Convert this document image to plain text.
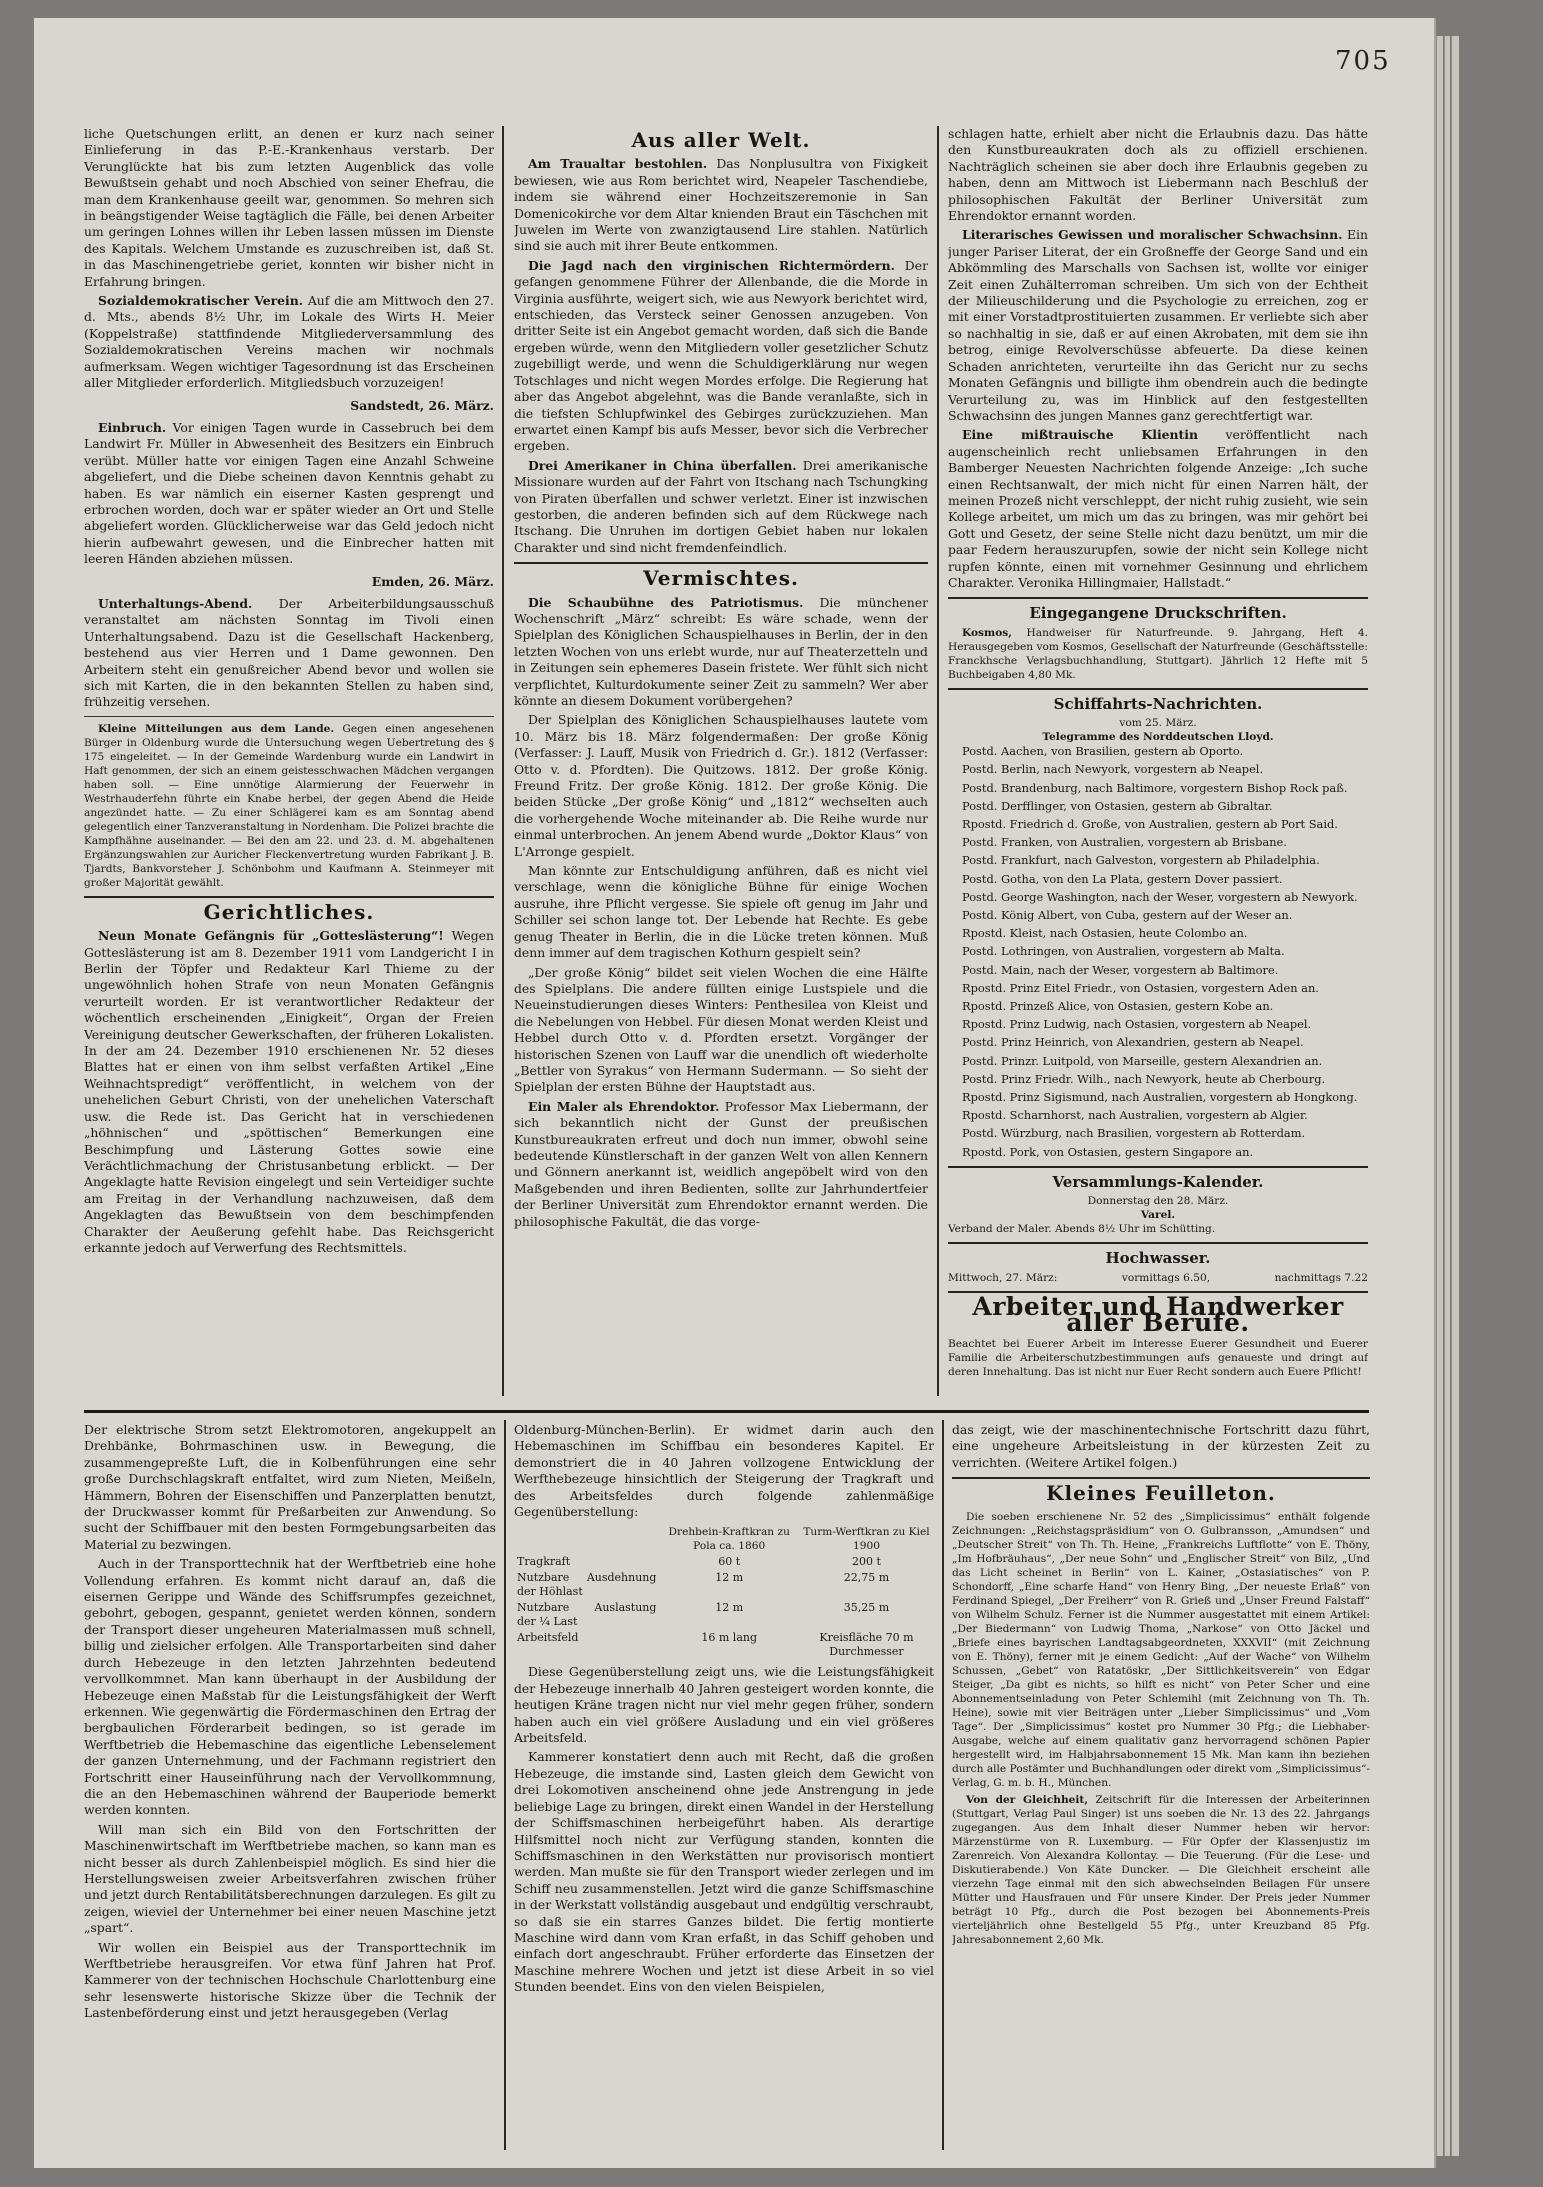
705

liche Quetschungen erlitt, an denen er kurz nach seiner Einlieferung in das P.-E.-Krankenhaus verstarb. Der Verunglückte hat bis zum letzten Augenblick das volle Bewußtsein gehabt und noch Abschied von seiner Ehefrau, die man dem Krankenhause geeilt war, genommen. So mehren sich in beängstigender Weise tagtäglich die Fälle, bei denen Arbeiter um geringen Lohnes willen ihr Leben lassen müssen im Dienste des Kapitals. Welchem Umstande es zuzuschreiben ist, daß St. in das Maschinengetriebe geriet, konnten wir bisher nicht in Erfahrung bringen.

Sozialdemokratischer Verein. Auf die am Mittwoch den 27. d. Mts., abends 8½ Uhr, im Lokale des Wirts H. Meier (Koppelstraße) stattfindende Mitgliederversammlung des Sozialdemokratischen Vereins machen wir nochmals aufmerksam. Wegen wichtiger Tagesordnung ist das Erscheinen aller Mitglieder erforderlich. Mitgliedsbuch vorzuzeigen!

Sandstedt, 26. März.

Einbruch. Vor einigen Tagen wurde in Cassebruch bei dem Landwirt Fr. Müller in Abwesenheit des Besitzers ein Einbruch verübt. Müller hatte vor einigen Tagen eine Anzahl Schweine abgeliefert, und die Diebe scheinen davon Kenntnis gehabt zu haben. Es war nämlich ein eiserner Kasten gesprengt und erbrochen worden, doch war er später wieder an Ort und Stelle abgeliefert worden. Glücklicherweise war das Geld jedoch nicht hierin aufbewahrt gewesen, und die Einbrecher hatten mit leeren Händen abziehen müssen.

Emden, 26. März.

Unterhaltungs-Abend. Der Arbeiterbildungsausschuß veranstaltet am nächsten Sonntag im Tivoli einen Unterhaltungsabend. Dazu ist die Gesellschaft Hackenberg, bestehend aus vier Herren und 1 Dame gewonnen. Den Arbeitern steht ein genußreicher Abend bevor und wollen sie sich mit Karten, die in den bekannten Stellen zu haben sind, frühzeitig versehen.

Kleine Mitteilungen aus dem Lande. Gegen einen angesehenen Bürger in Oldenburg wurde die Untersuchung wegen Uebertretung des § 175 eingeleitet. — In der Gemeinde Wardenburg wurde ein Landwirt in Haft genommen, der sich an einem geistesschwachen Mädchen vergangen haben soll. — Eine unnötige Alarmierung der Feuerwehr in Westrhauderfehn führte ein Knabe herbei, der gegen Abend die Heide angezündet hatte. — Zu einer Schlägerei kam es am Sonntag abend gelegentlich einer Tanzveranstaltung in Nordenham. Die Polizei brachte die Kampfhähne auseinander. — Bei den am 22. und 23. d. M. abgehaltenen Ergänzungswahlen zur Auricher Fleckenvertretung wurden Fabrikant J. B. Tjardts, Bankvorsteher J. Schönbohm und Kaufmann A. Steinmeyer mit großer Majorität gewählt.

Gerichtliches.

Neun Monate Gefängnis für „Gotteslästerung“! Wegen Gotteslästerung ist am 8. Dezember 1911 vom Landgericht I in Berlin der Töpfer und Redakteur Karl Thieme zu der ungewöhnlich hohen Strafe von neun Monaten Gefängnis verurteilt worden. Er ist verantwortlicher Redakteur der wöchentlich erscheinenden „Einigkeit“, Organ der Freien Vereinigung deutscher Gewerkschaften, der früheren Lokalisten. In der am 24. Dezember 1910 erschienenen Nr. 52 dieses Blattes hat er einen von ihm selbst verfaßten Artikel „Eine Weihnachtspredigt“ veröffentlicht, in welchem von der unehelichen Geburt Christi, von der unehelichen Vaterschaft usw. die Rede ist. Das Gericht hat in verschiedenen „höhnischen“ und „spöttischen“ Bemerkungen eine Beschimpfung und Lästerung Gottes sowie eine Verächtlichmachung der Christusanbetung erblickt. — Der Angeklagte hatte Revision eingelegt und sein Verteidiger suchte am Freitag in der Verhandlung nachzuweisen, daß dem Angeklagten das Bewußtsein von dem beschimpfenden Charakter der Aeußerung gefehlt habe. Das Reichsgericht erkannte jedoch auf Verwerfung des Rechtsmittels.

Aus aller Welt.

Am Traualtar bestohlen. Das Nonplusultra von Fixigkeit bewiesen, wie aus Rom berichtet wird, Neapeler Taschendiebe, indem sie während einer Hochzeitszeremonie in San Domenicokirche vor dem Altar knienden Braut ein Täschchen mit Juwelen im Werte von zwanzigtausend Lire stahlen. Natürlich sind sie auch mit ihrer Beute entkommen.

Die Jagd nach den virginischen Richtermördern. Der gefangen genommene Führer der Allenbande, die die Morde in Virginia ausführte, weigert sich, wie aus Newyork berichtet wird, entschieden, das Versteck seiner Genossen anzugeben. Von dritter Seite ist ein Angebot gemacht worden, daß sich die Bande ergeben würde, wenn den Mitgliedern voller gesetzlicher Schutz zugebilligt werde, und wenn die Schuldigerklärung nur wegen Totschlages und nicht wegen Mordes erfolge. Die Regierung hat aber das Angebot abgelehnt, was die Bande veranlaßte, sich in die tiefsten Schlupfwinkel des Gebirges zurückzuziehen. Man erwartet einen Kampf bis aufs Messer, bevor sich die Verbrecher ergeben.

Drei Amerikaner in China überfallen. Drei amerikanische Missionare wurden auf der Fahrt von Itschang nach Tschungking von Piraten überfallen und schwer verletzt. Einer ist inzwischen gestorben, die anderen befinden sich auf dem Rückwege nach Itschang. Die Unruhen im dortigen Gebiet haben nur lokalen Charakter und sind nicht fremdenfeindlich.

Vermischtes.

Die Schaubühne des Patriotismus. Die münchener Wochenschrift „März“ schreibt: Es wäre schade, wenn der Spielplan des Königlichen Schauspielhauses in Berlin, der in den letzten Wochen von uns erlebt wurde, nur auf Theaterzetteln und in Zeitungen sein ephemeres Dasein fristete. Wer fühlt sich nicht verpflichtet, Kulturdokumente seiner Zeit zu sammeln? Wer aber könnte an diesem Dokument vorübergehen?

Der Spielplan des Königlichen Schauspielhauses lautete vom 10. März bis 18. März folgendermaßen: Der große König (Verfasser: J. Lauff, Musik von Friedrich d. Gr.). 1812 (Verfasser: Otto v. d. Pfordten). Die Quitzows. 1812. Der große König. Freund Fritz. Der große König. 1812. Der große König. Die beiden Stücke „Der große König“ und „1812“ wechselten auch die vorhergehende Woche miteinander ab. Die Reihe wurde nur einmal unterbrochen. An jenem Abend wurde „Doktor Klaus“ von L'Arronge gespielt.

Man könnte zur Entschuldigung anführen, daß es nicht viel verschlage, wenn die königliche Bühne für einige Wochen ausruhe, ihre Pflicht vergesse. Sie spiele oft genug im Jahr und Schiller sei schon lange tot. Der Lebende hat Rechte. Es gebe genug Theater in Berlin, die in die Lücke treten können. Muß denn immer auf dem tragischen Kothurn gespielt sein?

„Der große König“ bildet seit vielen Wochen die eine Hälfte des Spielplans. Die andere füllten einige Lustspiele und die Neueinstudierungen dieses Winters: Penthesilea von Kleist und die Nebelungen von Hebbel. Für diesen Monat werden Kleist und Hebbel durch Otto v. d. Pfordten ersetzt. Vorgänger der historischen Szenen von Lauff war die unendlich oft wiederholte „Bettler von Syrakus“ von Hermann Sudermann. — So sieht der Spielplan der ersten Bühne der Hauptstadt aus.

Ein Maler als Ehrendoktor. Professor Max Liebermann, der sich bekanntlich nicht der Gunst der preußischen Kunstbureaukraten erfreut und doch nun immer, obwohl seine bedeutende Künstlerschaft in der ganzen Welt von allen Kennern und Gönnern anerkannt ist, weidlich angepöbelt wird von den Maßgebenden und ihren Bedienten, sollte zur Jahrhundertfeier der Berliner Universität zum Ehrendoktor ernannt werden. Die philosophische Fakultät, die das vorge-

schlagen hatte, erhielt aber nicht die Erlaubnis dazu. Das hätte den Kunstbureaukraten doch als zu offiziell erschienen. Nachträglich scheinen sie aber doch ihre Erlaubnis gegeben zu haben, denn am Mittwoch ist Liebermann nach Beschluß der philosophischen Fakultät der Berliner Universität zum Ehrendoktor ernannt worden.

Literarisches Gewissen und moralischer Schwachsinn. Ein junger Pariser Literat, der ein Großneffe der George Sand und ein Abkömmling des Marschalls von Sachsen ist, wollte vor einiger Zeit einen Zuhälterroman schreiben. Um sich von der Echtheit der Milieuschilderung und die Psychologie zu erreichen, zog er mit einer Vorstadtprostituierten zusammen. Er verliebte sich aber so nachhaltig in sie, daß er auf einen Akrobaten, mit dem sie ihn betrog, einige Revolverschüsse abfeuerte. Da diese keinen Schaden anrichteten, verurteilte ihn das Gericht nur zu sechs Monaten Gefängnis und billigte ihm obendrein auch die bedingte Verurteilung zu, was im Hinblick auf den festgestellten Schwachsinn des jungen Mannes ganz gerechtfertigt war.

Eine mißtrauische Klientin veröffentlicht nach augenscheinlich recht unliebsamen Erfahrungen in den Bamberger Neuesten Nachrichten folgende Anzeige: „Ich suche einen Rechtsanwalt, der mich nicht für einen Narren hält, der meinen Prozeß nicht verschleppt, der nicht ruhig zusieht, wie sein Kollege arbeitet, um mich um das zu bringen, was mir gehört bei Gott und Gesetz, der seine Stelle nicht dazu benützt, um mir die paar Federn herauszurupfen, sowie der nicht sein Kollege nicht rupfen könnte, einen mit vornehmer Gesinnung und ehrlichem Charakter. Veronika Hillingmaier, Hallstadt.“

Eingegangene Druckschriften.

Kosmos, Handweiser für Naturfreunde. 9. Jahrgang, Heft 4. Herausgegeben vom Kosmos, Gesellschaft der Naturfreunde (Geschäftsstelle: Franckhsche Verlagsbuchhandlung, Stuttgart). Jährlich 12 Hefte mit 5 Buchbeigaben 4,80 Mk.

Schiffahrts-Nachrichten.
vom 25. März.
Telegramme des Norddeutschen Lloyd.

Postd. Aachen, von Brasilien, gestern ab Oporto.

Postd. Berlin, nach Newyork, vorgestern ab Neapel.

Postd. Brandenburg, nach Baltimore, vorgestern Bishop Rock paß.

Postd. Derfflinger, von Ostasien, gestern ab Gibraltar.

Rpostd. Friedrich d. Große, von Australien, gestern ab Port Said.

Postd. Franken, von Australien, vorgestern ab Brisbane.

Postd. Frankfurt, nach Galveston, vorgestern ab Philadelphia.

Postd. Gotha, von den La Plata, gestern Dover passiert.

Postd. George Washington, nach der Weser, vorgestern ab Newyork.

Postd. König Albert, von Cuba, gestern auf der Weser an.

Rpostd. Kleist, nach Ostasien, heute Colombo an.

Postd. Lothringen, von Australien, vorgestern ab Malta.

Postd. Main, nach der Weser, vorgestern ab Baltimore.

Rpostd. Prinz Eitel Friedr., von Ostasien, vorgestern Aden an.

Rpostd. Prinzeß Alice, von Ostasien, gestern Kobe an.

Rpostd. Prinz Ludwig, nach Ostasien, vorgestern ab Neapel.

Postd. Prinz Heinrich, von Alexandrien, gestern ab Neapel.

Postd. Prinzr. Luitpold, von Marseille, gestern Alexandrien an.

Postd. Prinz Friedr. Wilh., nach Newyork, heute ab Cherbourg.

Rpostd. Prinz Sigismund, nach Australien, vorgestern ab Hongkong.

Rpostd. Scharnhorst, nach Australien, vorgestern ab Algier.

Postd. Würzburg, nach Brasilien, vorgestern ab Rotterdam.

Rpostd. Pork, von Ostasien, gestern Singapore an.

Versammlungs-Kalender.
Donnerstag den 28. März.
Varel.
Verband der Maler. Abends 8½ Uhr im Schütting.
Hochwasser.
Mittwoch, 27. März:	vormittags 6.50,	nachmittags 7.22
Arbeiter und Handwerker aller Berufe.

Beachtet bei Euerer Arbeit im Interesse Euerer Gesundheit und Euerer Familie die Arbeiterschutzbestimmungen aufs genaueste und dringt auf deren Innehaltung. Das ist nicht nur Euer Recht sondern auch Euere Pflicht!

Der elektrische Strom setzt Elektromotoren, angekuppelt an Drehbänke, Bohrmaschinen usw. in Bewegung, die zusammengepreßte Luft, die in Kolbenführungen eine sehr große Durchschlagskraft entfaltet, wird zum Nieten, Meißeln, Hämmern, Bohren der Eisenschiffen und Panzerplatten benutzt, der Druckwasser kommt für Preßarbeiten zur Anwendung. So sucht der Schiffbauer mit den besten Formgebungsarbeiten das Material zu bezwingen.

Auch in der Transporttechnik hat der Werftbetrieb eine hohe Vollendung erfahren. Es kommt nicht darauf an, daß die eisernen Gerippe und Wände des Schiffsrumpfes gezeichnet, gebohrt, gebogen, gespannt, genietet werden können, sondern der Transport dieser ungeheuren Materialmassen muß schnell, billig und zielsicher erfolgen. Alle Transportarbeiten sind daher durch Hebezeuge in den letzten Jahrzehnten bedeutend vervollkommnet. Man kann überhaupt in der Ausbildung der Hebezeuge einen Maßstab für die Leistungsfähigkeit der Werft erkennen. Wie gegenwärtig die Fördermaschinen den Ertrag der bergbaulichen Förderarbeit bedingen, so ist gerade im Werftbetrieb die Hebemaschine das eigentliche Lebenselement der ganzen Unternehmung, und der Fachmann registriert den Fortschritt einer Hauseinführung nach der Vervollkommnung, die an den Hebemaschinen während der Bauperiode bemerkt werden konnten.

Will man sich ein Bild von den Fortschritten der Maschinenwirtschaft im Werftbetriebe machen, so kann man es nicht besser als durch Zahlenbeispiel möglich. Es sind hier die Herstellungsweisen zweier Arbeitsverfahren zwischen früher und jetzt durch Rentabilitätsberechnungen darzulegen. Es gilt zu zeigen, wieviel der Unternehmer bei einer neuen Maschine jetzt „spart“.

Wir wollen ein Beispiel aus der Transporttechnik im Werftbetriebe herausgreifen. Vor etwa fünf Jahren hat Prof. Kammerer von der technischen Hochschule Charlottenburg eine sehr lesenswerte historische Skizze über die Technik der Lastenbeförderung einst und jetzt herausgegeben (Verlag

Oldenburg-München-Berlin). Er widmet darin auch den Hebemaschinen im Schiffbau ein besonderes Kapitel. Er demonstriert die in 40 Jahren vollzogene Entwicklung der Werfthebezeuge hinsichtlich der Steigerung der Tragkraft und des Arbeitsfeldes durch folgende zahlenmäßige Gegenüberstellung:

	Drehbein-Kraftkran zu Pola ca. 1860	Turm-Werftkran zu Kiel 1900
Tragkraft	60 t	200 t
Nutzbare Ausdehnung der Höhlast	12 m	22,75 m
Nutzbare Auslastung der ¼ Last	12 m	35,25 m
Arbeitsfeld	16 m lang	Kreisfläche 70 m Durchmesser

Diese Gegenüberstellung zeigt uns, wie die Leistungsfähigkeit der Hebezeuge innerhalb 40 Jahren gesteigert worden konnte, die heutigen Kräne tragen nicht nur viel mehr gegen früher, sondern haben auch ein viel größere Ausladung und ein viel größeres Arbeitsfeld.

Kammerer konstatiert denn auch mit Recht, daß die großen Hebezeuge, die imstande sind, Lasten gleich dem Gewicht von drei Lokomotiven anscheinend ohne jede Anstrengung in jede beliebige Lage zu bringen, direkt einen Wandel in der Herstellung der Schiffsmaschinen herbeigeführt haben. Als derartige Hilfsmittel noch nicht zur Verfügung standen, konnten die Schiffsmaschinen in den Werkstätten nur provisorisch montiert werden. Man mußte sie für den Transport wieder zerlegen und im Schiff neu zusammenstellen. Jetzt wird die ganze Schiffsmaschine in der Werkstatt vollständig ausgebaut und endgültig verschraubt, so daß sie ein starres Ganzes bildet. Die fertig montierte Maschine wird dann vom Kran erfaßt, in das Schiff gehoben und einfach dort angeschraubt. Früher erforderte das Einsetzen der Maschine mehrere Wochen und jetzt ist diese Arbeit in so viel Stunden beendet. Eins von den vielen Beispielen,

das zeigt, wie der maschinentechnische Fortschritt dazu führt, eine ungeheure Arbeitsleistung in der kürzesten Zeit zu verrichten. (Weitere Artikel folgen.)

Kleines Feuilleton.

Die soeben erschienene Nr. 52 des „Simplicissimus“ enthält folgende Zeichnungen: „Reichstagspräsidium“ von O. Gulbransson, „Amundsen“ und „Deutscher Streit“ von Th. Th. Heine, „Frankreichs Luftflotte“ von E. Thöny, „Im Hofbräuhaus“, „Der neue Sohn“ und „Englischer Streit“ von Bilz, „Und das Licht scheinet in Berlin“ von L. Kainer, „Ostasiatisches“ von P. Schondorff, „Eine scharfe Hand“ von Henry Bing, „Der neueste Erlaß“ von Ferdinand Spiegel, „Der Freiherr“ von R. Grieß und „Unser Freund Falstaff“ von Wilhelm Schulz. Ferner ist die Nummer ausgestattet mit einem Artikel: „Der Biedermann“ von Ludwig Thoma, „Narkose“ von Otto Jäckel und „Briefe eines bayrischen Landtagsabgeordneten, XXXVII“ (mit Zeichnung von E. Thöny), ferner mit je einem Gedicht: „Auf der Wache“ von Wilhelm Schussen, „Gebet“ von Ratatöskr, „Der Sittlichkeitsverein“ von Edgar Steiger, „Da gibt es nichts, so hilft es nicht“ von Peter Scher und eine Abonnementseinladung von Peter Schlemihl (mit Zeichnung von Th. Th. Heine), sowie mit vier Beiträgen unter „Lieber Simplicissimus“ und „Vom Tage“. Der „Simplicissimus“ kostet pro Nummer 30 Pfg.; die Liebhaber-Ausgabe, welche auf einem qualitativ ganz hervorragend schönen Papier hergestellt wird, im Halbjahrsabonnement 15 Mk. Man kann ihn beziehen durch alle Postämter und Buchhandlungen oder direkt vom „Simplicissimus“-Verlag, G. m. b. H., München.

Von der Gleichheit, Zeitschrift für die Interessen der Arbeiterinnen (Stuttgart, Verlag Paul Singer) ist uns soeben die Nr. 13 des 22. Jahrgangs zugegangen. Aus dem Inhalt dieser Nummer heben wir hervor: Märzenstürme von R. Luxemburg. — Für Opfer der Klassenjustiz im Zarenreich. Von Alexandra Kollontay. — Die Teuerung. (Für die Lese- und Diskutierabende.) Von Käte Duncker. — Die Gleichheit erscheint alle vierzehn Tage einmal mit den sich abwechselnden Beilagen Für unsere Mütter und Hausfrauen und Für unsere Kinder. Der Preis jeder Nummer beträgt 10 Pfg., durch die Post bezogen bei Abonnements-Preis vierteljährlich ohne Bestellgeld 55 Pfg., unter Kreuzband 85 Pfg. Jahresabonnement 2,60 Mk.
